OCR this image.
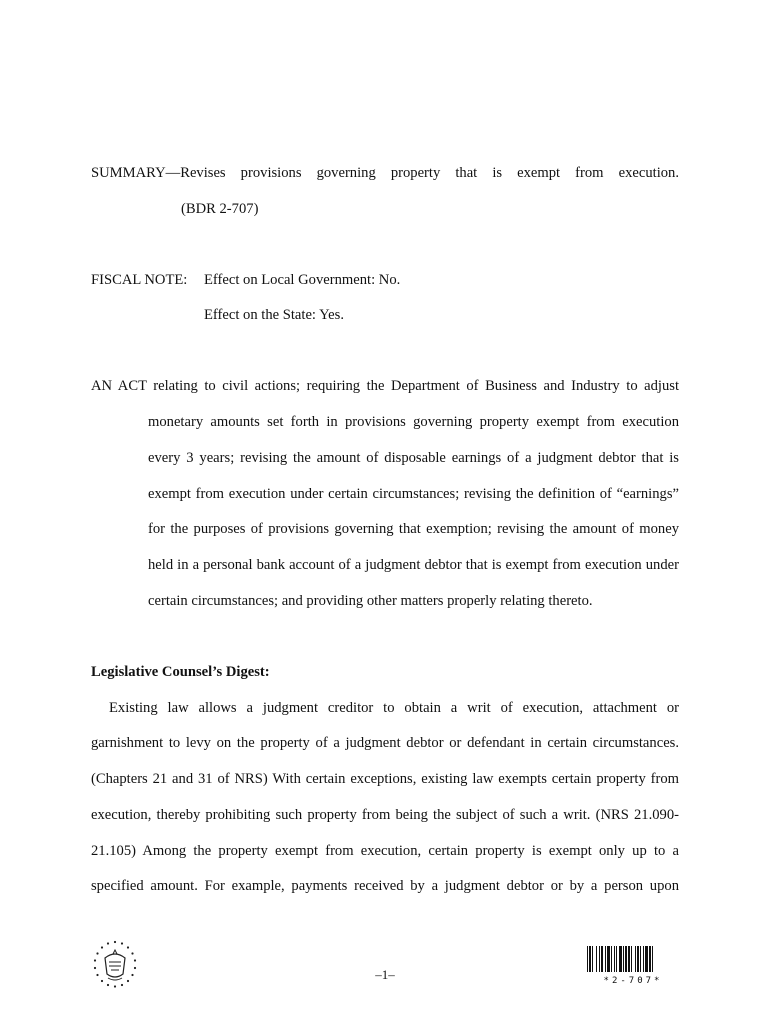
SUMMARY—Revises provisions governing property that is exempt from execution.
(BDR 2-707)
FISCAL NOTE: Effect on Local Government: No.
Effect on the State: Yes.
AN ACT relating to civil actions; requiring the Department of Business and Industry to adjust
monetary amounts set forth in provisions governing property exempt from execution
every 3 years; revising the amount of disposable earnings of a judgment debtor that is
exempt from execution under certain circumstances; revising the definition of “earnings”
for the purposes of provisions governing that exemption; revising the amount of money
held in a personal bank account of a judgment debtor that is exempt from execution under
certain circumstances; and providing other matters properly relating thereto.
Legislative Counsel’s Digest:
Existing law allows a judgment creditor to obtain a writ of execution, attachment or
garnishment to levy on the property of a judgment debtor or defendant in certain circumstances.
(Chapters 21 and 31 of NRS) With certain exceptions, existing law exempts certain property from
execution, thereby prohibiting such property from being the subject of such a writ. (NRS 21.090-
21.105) Among the property exempt from execution, certain property is exempt only up to a
specified amount. For example, payments received by a judgment debtor or by a person upon
–1–	*2-707*
